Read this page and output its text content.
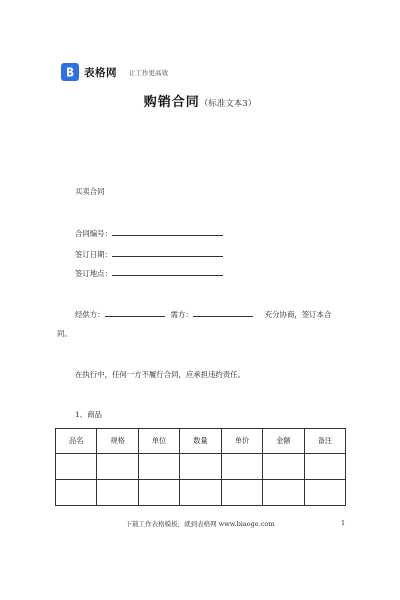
表格网 让工作更高效
购销合同（标准文本3）
买卖合同
合同编号：
签订日期：
签订地点：
经供方：	需方：	充分协商，签订本合
同。
在执行中，任何一方不履行合同，应承担违约责任。
1、商品
品名	规格	单位	数量	单价	金额	备注

下载工作表格模板，就到表格网 www.biaoge.com	1
